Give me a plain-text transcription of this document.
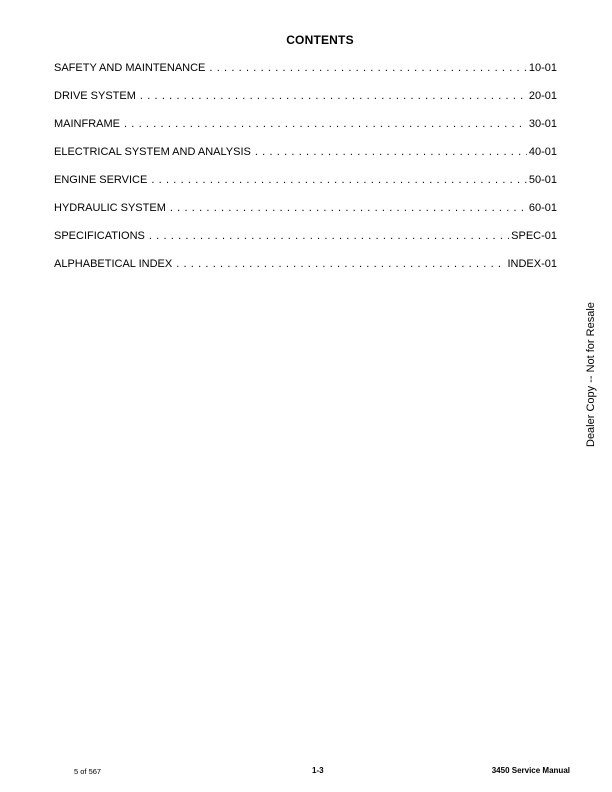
CONTENTS
SAFETY AND MAINTENANCE . . .	10-01
DRIVE SYSTEM . . .	20-01
MAINFRAME . . .	30-01
ELECTRICAL SYSTEM AND ANALYSIS . . .	40-01
ENGINE SERVICE . . .	50-01
HYDRAULIC SYSTEM . . .	60-01
SPECIFICATIONS . . .	SPEC-01
ALPHABETICAL INDEX . . .	INDEX-01
Dealer Copy -- Not for Resale
5 of 567	1-3	3450 Service Manual
